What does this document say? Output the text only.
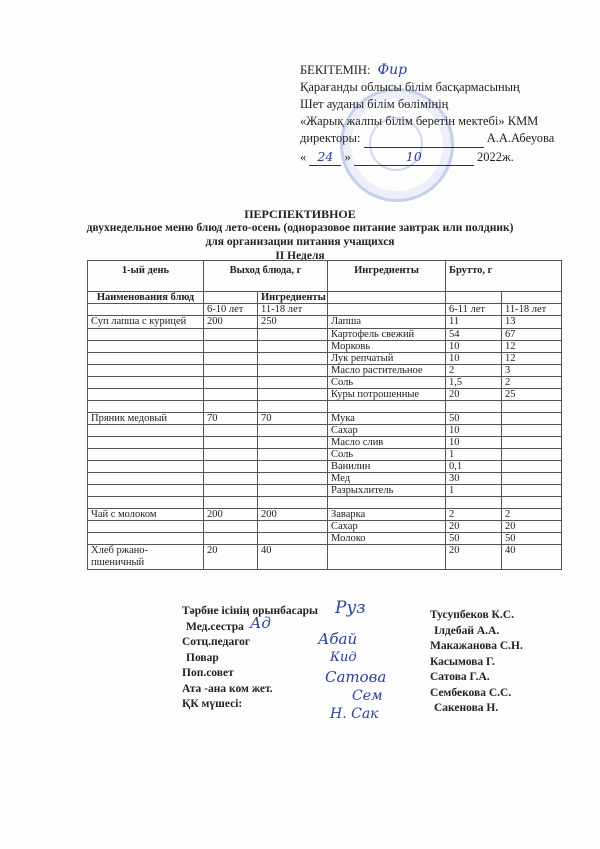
БЕКІТЕМІН: Фир
Қарағанды облысы білім басқармасының
Шет ауданы білім бөлімінің
«Жарық жалпы білім беретін мектебі» КММ
директоры:	А.А.Абеуова
« 24 »	10	2022ж.
ПЕРСПЕКТИВНОЕ
двухнедельное меню блюд лето-осень (одноразовое питание завтрак или полдник)
для организации питания учащихся
II Неделя
1-ый день	Выход блюда, г		Ингредиенты	Брутто, г	
Наименования блюд		Ингредиенты			
	6-10 лет	11-18 лет		6-11 лет	11-18 лет
Суп лапша с курицей	200	250	Лапша	11	13
			Картофель свежий	54	67
			Морковь	10	12
			Лук репчатый	10	12
			Масло растительное	2	3
			Соль	1,5	2
			Куры потрошенные	20	25

Пряник медовый	70	70	Мука	50	
			Сахар	10	
			Масло слив	10	
			Соль	1	
			Ванилин	0,1	
			Мед	30	
			Разрыхлитель	1	

Чай с молоком	200	200	Заварка	2	2
			Сахар	20	20
			Молоко	50	50
Хлеб ржано-пшеничный	20	40		20	40
Тәрбие ісінің орынбасары
Мед.сестра
Сотц.педагог
Повар
Поп.совет
Ата -ана ком жет.
ҚК мүшесі:
Тусупбеков К.С.
Ілдебай А.А.
Макажанова С.Н.
Касымова Г.
Сатова Г.А.
Сембекова С.С.
Сакенова Н.
Руз
Ад
Абай
Кид
Сатова
Сем
Н. Сак
